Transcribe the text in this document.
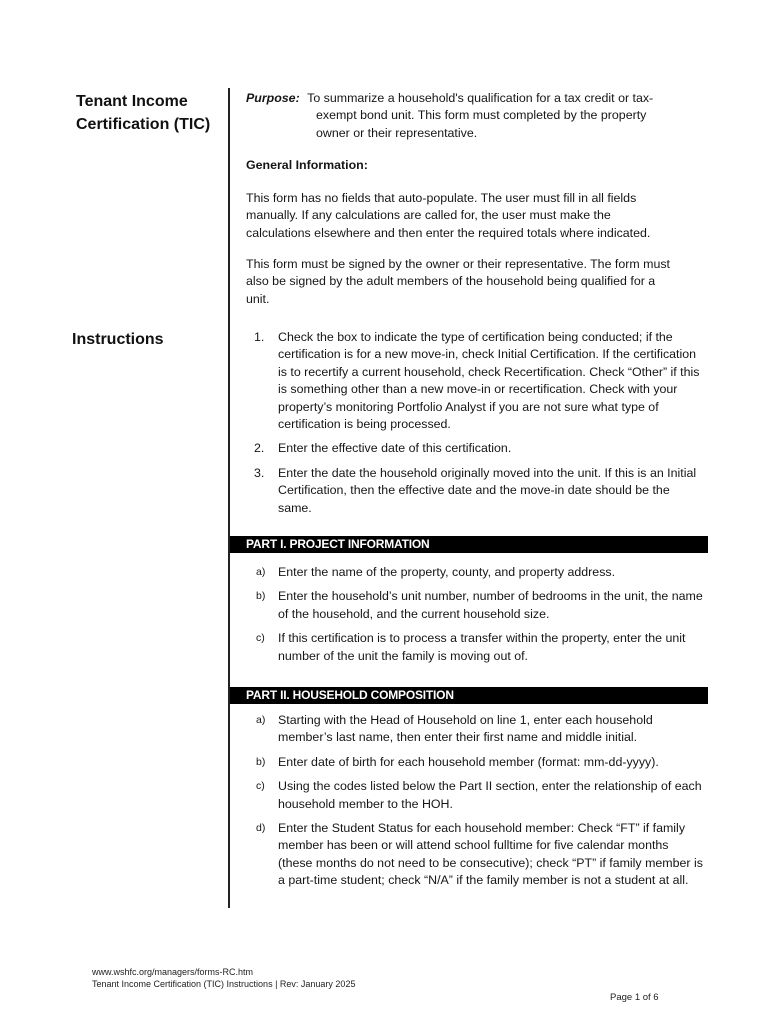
Tenant Income
Certification (TIC)
Instructions
Purpose: To summarize a household's qualification for a tax credit or tax-
exempt bond unit. This form must completed by the property owner or their representative.
General Information:
This form has no fields that auto-populate. The user must fill in all fields manually. If any calculations are called for, the user must make the calculations elsewhere and then enter the required totals where indicated.
This form must be signed by the owner or their representative. The form must also be signed by the adult members of the household being qualified for a unit.
1. Check the box to indicate the type of certification being conducted; if the certification is for a new move-in, check Initial Certification. If the certification is to recertify a current household, check Recertification. Check “Other” if this is something other than a new move-in or recertification. Check with your property’s monitoring Portfolio Analyst if you are not sure what type of certification is being processed.
2. Enter the effective date of this certification.
3. Enter the date the household originally moved into the unit. If this is an Initial Certification, then the effective date and the move-in date should be the same.
PART I. PROJECT INFORMATION
a) Enter the name of the property, county, and property address.
b) Enter the household’s unit number, number of bedrooms in the unit, the name of the household, and the current household size.
c) If this certification is to process a transfer within the property, enter the unit number of the unit the family is moving out of.
PART II. HOUSEHOLD COMPOSITION
a) Starting with the Head of Household on line 1, enter each household member’s last name, then enter their first name and middle initial.
b) Enter date of birth for each household member (format: mm-dd-yyyy).
c) Using the codes listed below the Part II section, enter the relationship of each household member to the HOH.
d) Enter the Student Status for each household member: Check “FT” if family member has been or will attend school fulltime for five calendar months (these months do not need to be consecutive); check “PT” if family member is a part-time student; check “N/A” if the family member is not a student at all.
www.wshfc.org/managers/forms-RC.htm
Tenant Income Certification (TIC) Instructions | Rev: January 2025
Page 1 of 6
